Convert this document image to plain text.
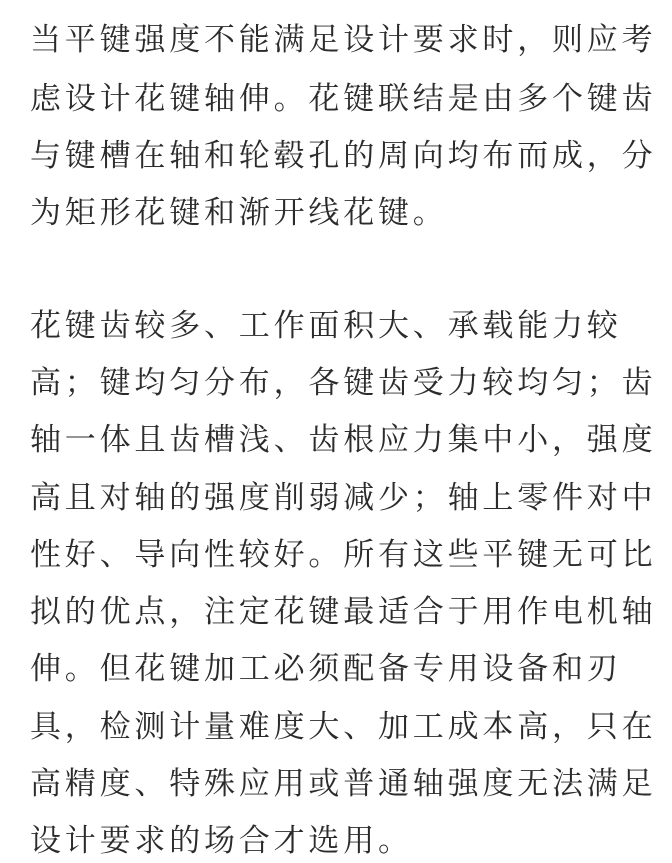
当平键强度不能满足设计要求时，则应考

虑设计花键轴伸。花键联结是由多个键齿

与键槽在轴和轮毂孔的周向均布而成，分

为矩形花键和渐开线花键。

花键齿较多、工作面积大、承载能力较

高；键均匀分布，各键齿受力较均匀；齿

轴一体且齿槽浅、齿根应力集中小，强度

高且对轴的强度削弱减少；轴上零件对中

性好、导向性较好。所有这些平键无可比

拟的优点，注定花键最适合于用作电机轴

伸。但花键加工必须配备专用设备和刃

具，检测计量难度大、加工成本高，只在

高精度、特殊应用或普通轴强度无法满足

设计要求的场合才选用。
